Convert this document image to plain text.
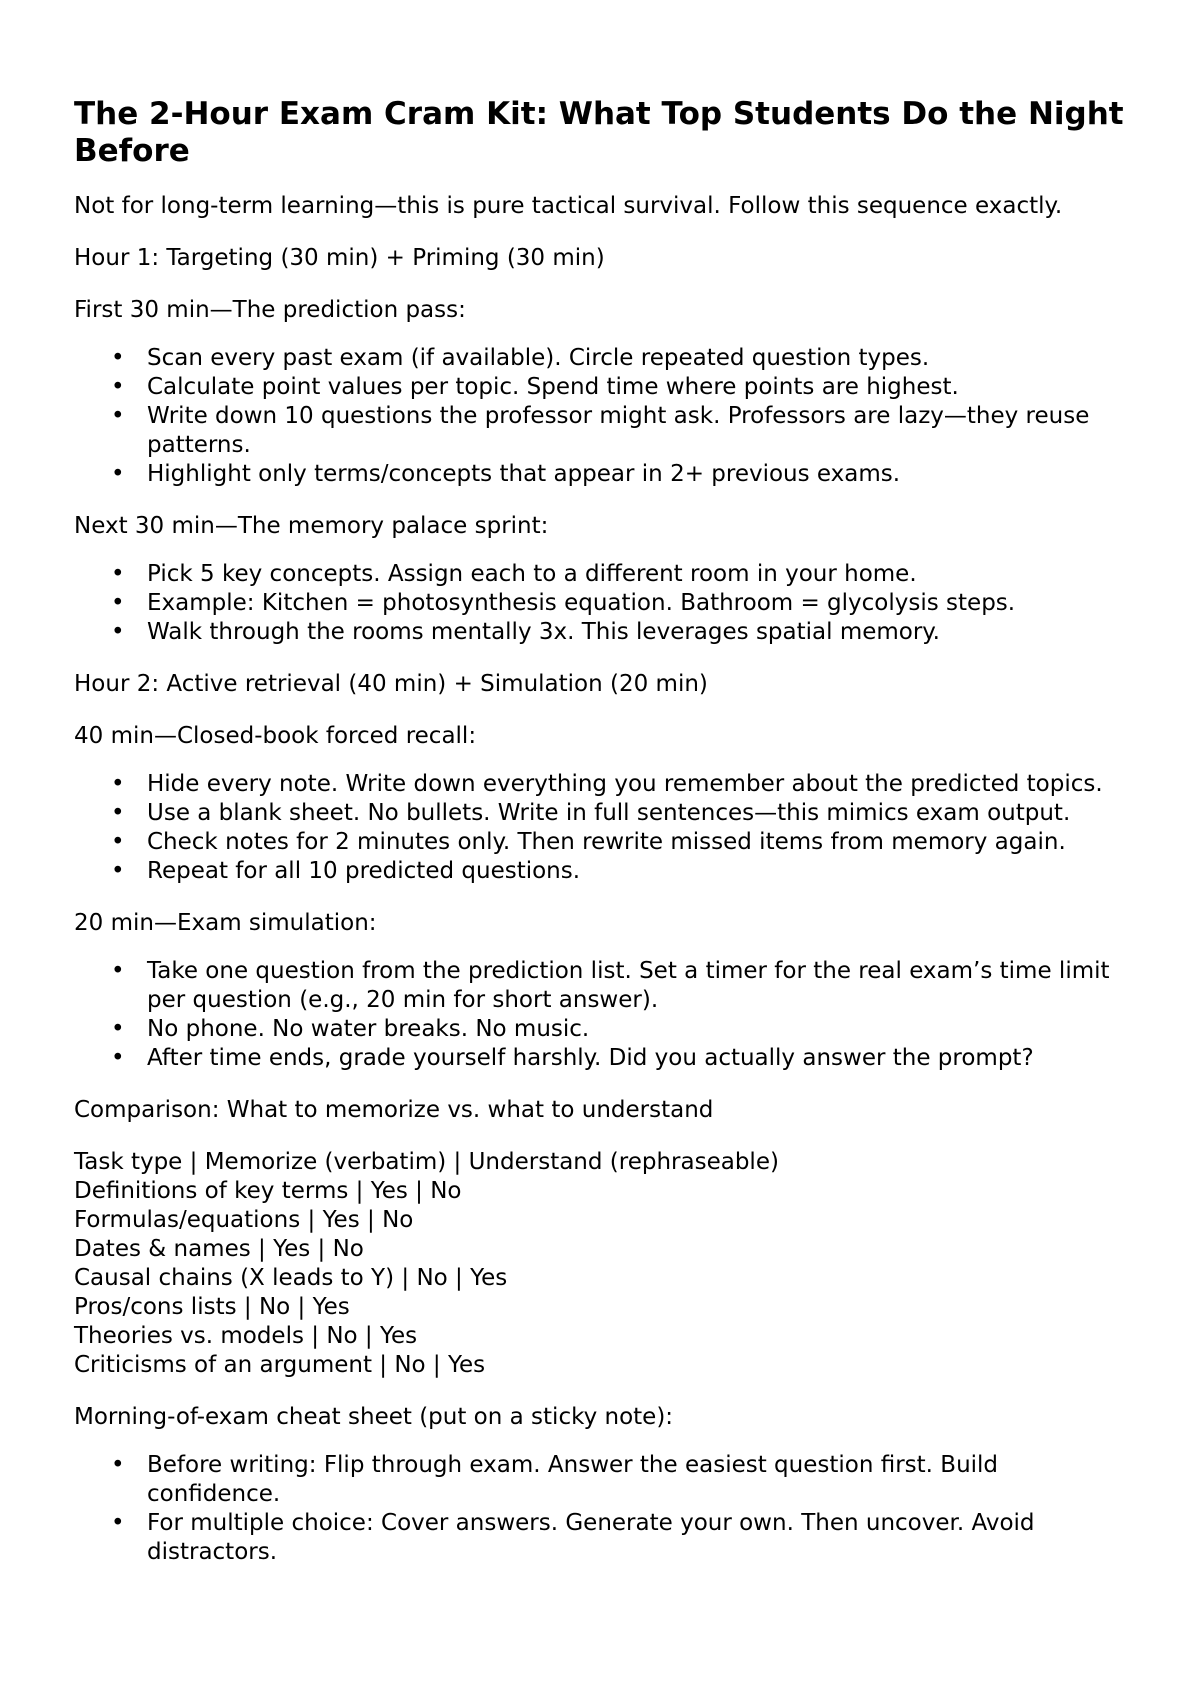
The 2-Hour Exam Cram Kit: What Top Students Do the Night Before

Not for long-term learning—this is pure tactical survival. Follow this sequence exactly.

Hour 1: Targeting (30 min) + Priming (30 min)

First 30 min—The prediction pass:

• Scan every past exam (if available). Circle repeated question types.
• Calculate point values per topic. Spend time where points are highest.
• Write down 10 questions the professor might ask. Professors are lazy—they reuse patterns.
• Highlight only terms/concepts that appear in 2+ previous exams.

Next 30 min—The memory palace sprint:

• Pick 5 key concepts. Assign each to a different room in your home.
• Example: Kitchen = photosynthesis equation. Bathroom = glycolysis steps.
• Walk through the rooms mentally 3x. This leverages spatial memory.

Hour 2: Active retrieval (40 min) + Simulation (20 min)

40 min—Closed-book forced recall:

• Hide every note. Write down everything you remember about the predicted topics.
• Use a blank sheet. No bullets. Write in full sentences—this mimics exam output.
• Check notes for 2 minutes only. Then rewrite missed items from memory again.
• Repeat for all 10 predicted questions.

20 min—Exam simulation:

• Take one question from the prediction list. Set a timer for the real exam’s time limit per question (e.g., 20 min for short answer).
• No phone. No water breaks. No music.
• After time ends, grade yourself harshly. Did you actually answer the prompt?

Comparison: What to memorize vs. what to understand

Task type | Memorize (verbatim) | Understand (rephraseable)
Definitions of key terms | Yes | No
Formulas/equations | Yes | No
Dates & names | Yes | No
Causal chains (X leads to Y) | No | Yes
Pros/cons lists | No | Yes
Theories vs. models | No | Yes
Criticisms of an argument | No | Yes

Morning-of-exam cheat sheet (put on a sticky note):

• Before writing: Flip through exam. Answer the easiest question first. Build confidence.
• For multiple choice: Cover answers. Generate your own. Then uncover. Avoid distractors.
